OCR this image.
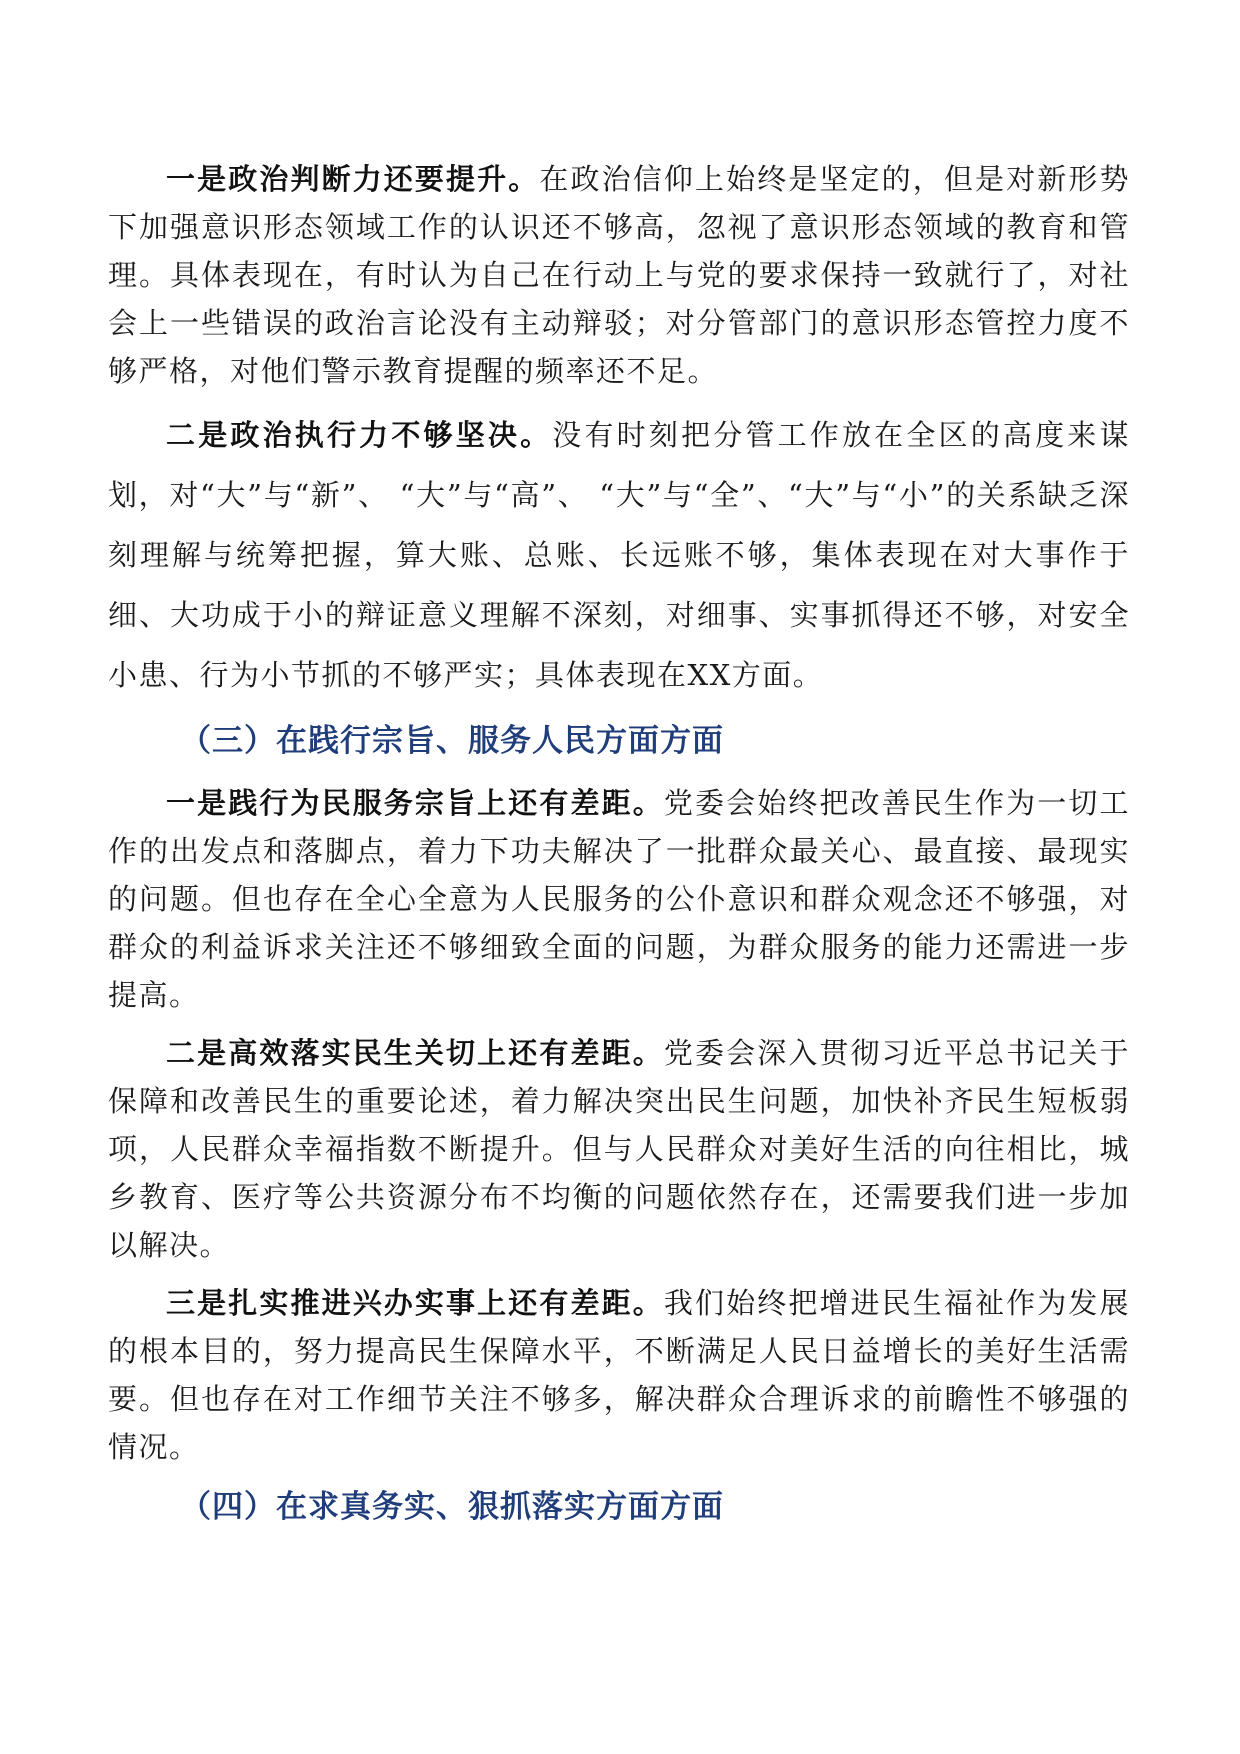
一是政治判断力还要提升。在政治信仰上始终是坚定的，但是对新形势下加强意识形态领域工作的认识还不够高，忽视了意识形态领域的教育和管理。具体表现在，有时认为自己在行动上与党的要求保持一致就行了，对社会上一些错误的政治言论没有主动辩驳；对分管部门的意识形态管控力度不够严格，对他们警示教育提醒的频率还不足。

二是政治执行力不够坚决。没有时刻把分管工作放在全区的高度来谋划，对“大”与“新”、 “大”与“高”、 “大”与“全”、“大”与“小”的关系缺乏深刻理解与统筹把握，算大账、总账、长远账不够，集体表现在对大事作于细、大功成于小的辩证意义理解不深刻，对细事、实事抓得还不够，对安全小患、行为小节抓的不够严实；具体表现在XX方面。

（三）在践行宗旨、服务人民方面方面

一是践行为民服务宗旨上还有差距。党委会始终把改善民生作为一切工作的出发点和落脚点，着力下功夫解决了一批群众最关心、最直接、最现实的问题。但也存在全心全意为人民服务的公仆意识和群众观念还不够强，对群众的利益诉求关注还不够细致全面的问题，为群众服务的能力还需进一步提高。

二是高效落实民生关切上还有差距。党委会深入贯彻习近平总书记关于保障和改善民生的重要论述，着力解决突出民生问题，加快补齐民生短板弱项，人民群众幸福指数不断提升。但与人民群众对美好生活的向往相比，城乡教育、医疗等公共资源分布不均衡的问题依然存在，还需要我们进一步加以解决。

三是扎实推进兴办实事上还有差距。我们始终把增进民生福祉作为发展的根本目的，努力提高民生保障水平，不断满足人民日益增长的美好生活需要。但也存在对工作细节关注不够多，解决群众合理诉求的前瞻性不够强的情况。

（四）在求真务实、狠抓落实方面方面
